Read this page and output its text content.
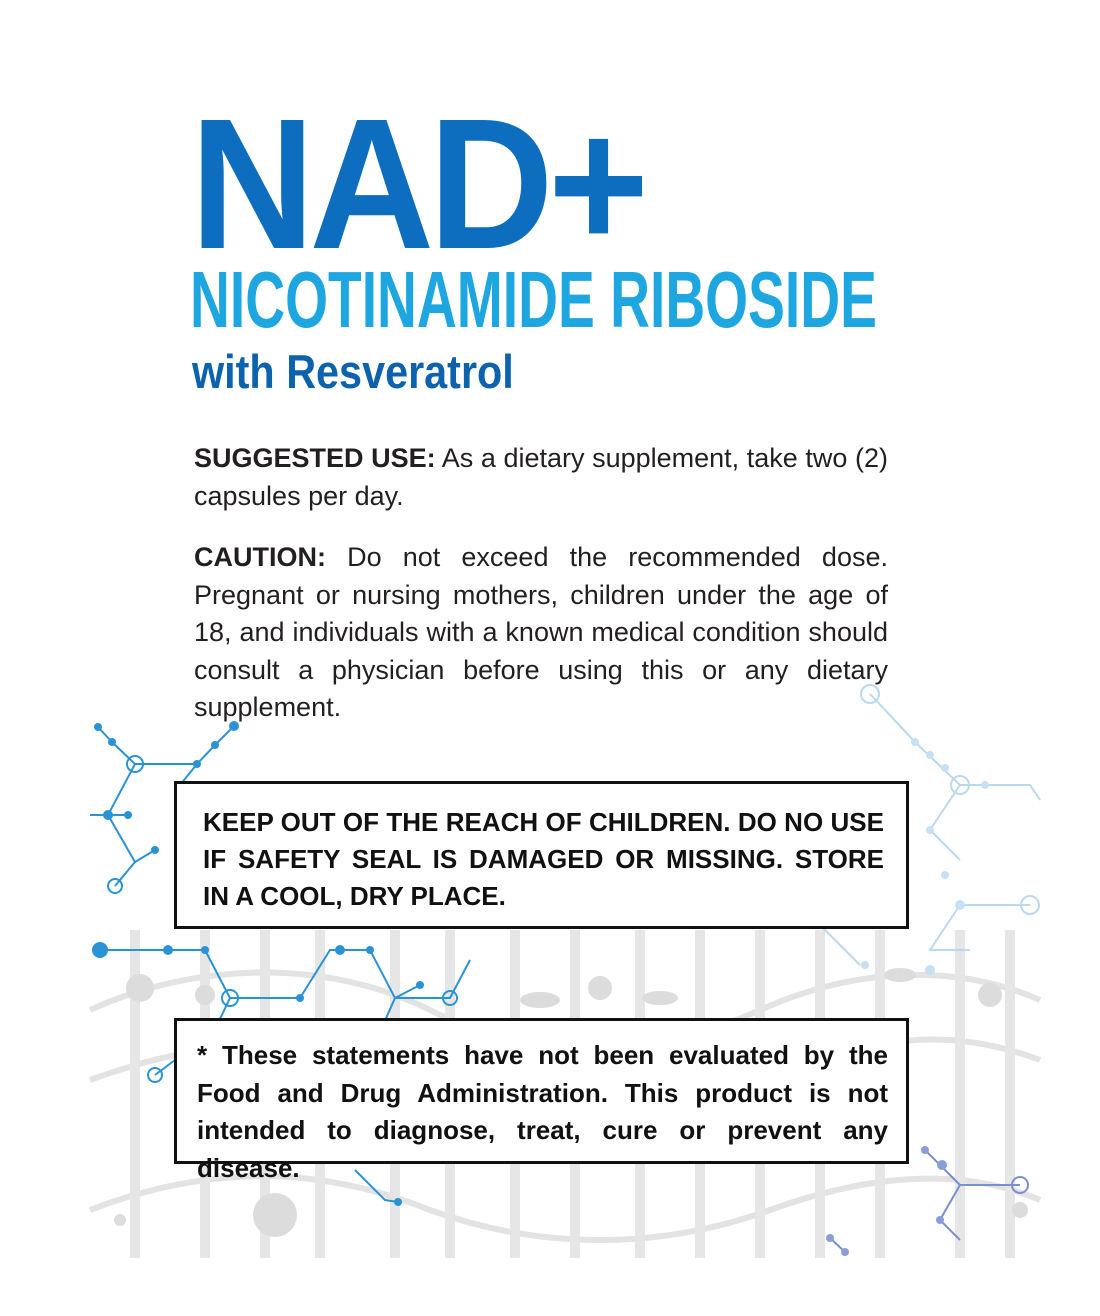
NAD+
NICOTINAMIDE RIBOSIDE
with Resveratrol

SUGGESTED USE: As a dietary supplement, take two (2) capsules per day.

CAUTION: Do not exceed the recommended dose. Pregnant or nursing mothers, children under the age of 18, and individuals with a known medical condition should consult a physician before using this or any dietary supplement.

KEEP OUT OF THE REACH OF CHILDREN. DO NO USE IF SAFETY SEAL IS DAMAGED OR MISSING. STORE IN A COOL, DRY PLACE.

* These statements have not been evaluated by the Food and Drug Administration. This product is not intended to diagnose, treat, cure or prevent any disease.
